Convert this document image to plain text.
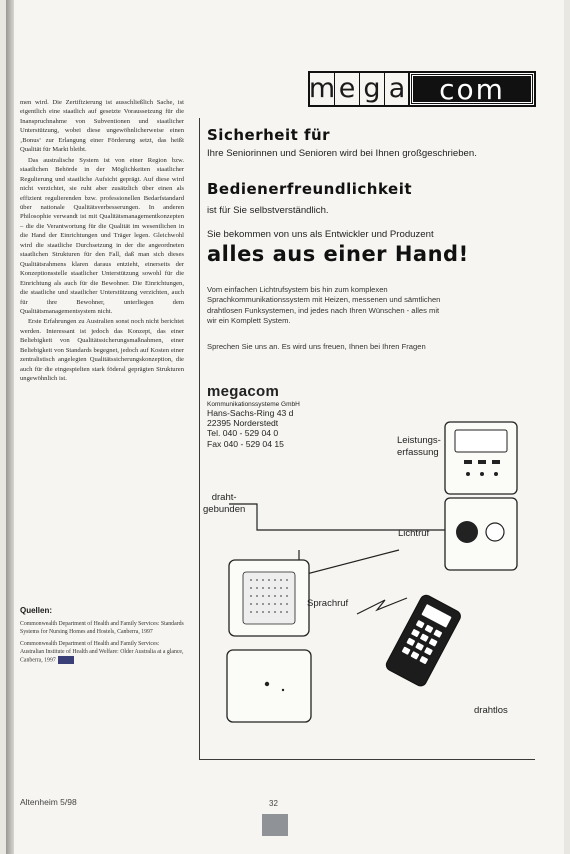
men wird. Die Zertifizierung ist ausschließlich Sache, ist eigentlich eine staatlich auf gesetzte Voraussetzung für die Inanspruchnahme von Subventionen und staatlicher Unterstützung, wobei diese ungewöhnlicherweise einen ‚Bonus‘ zur Erlangung einer Förderung setzt, das heißt Qualität für Markt bleibt.

Das australische System ist von einer Region bzw. staatlichen Behörde in der Möglichkeiten staatlicher Regulierung und staatliche Aufsicht geprägt. Auf diese wird nicht verzichtet, sie ruht aber zusätzlich über einen als effizient regulierenden bzw. professionellen Bedarfstandard über nationale Qualitätsverbesserungen. In anderen Philosophie verwandt ist mit Qualitätsmanagementkonzepten – die die Verantwortung für die Qualität im wesentlichen in die Hand der Einrichtungen und Träger legen. Gleichwohl wird die staatliche Durchsetzung in der die angeordneten staatlichen Strukturen für den Fall, daß man sich dieses Qualitätsrahmens klaren daraus entzieht, einerseits der Konzeptionsstelle staatlicher Unterstützung sowohl für die Einrichtung als auch für die Bewohner. Die Einrichtungen, die staatliche und staatlicher Unterstützung verzichten, auch für ihre Bewohner, unterliegen dem Qualitätsmanagementsystem nicht.

Erste Erfahrungen zu Australien sonst noch nicht berichtet werden. Interessant ist jedoch das Konzept, das einer Beliebigkeit von Qualitätssicherungsmaßnahmen, einer Beliebigkeit von Standards begegnet, jedoch auf Kosten einer zentralistisch angelegten Qualitätssicherungskonzeption, die auch für die eingespielten stark föderal geprägten Strukturen ungewöhnlich ist.

Quellen:

Commonwealth Department of Health and Family Services: Standards Systems for Nursing Homes and Hostels, Canberra, 1997

Commonwealth Department of Health and Family Services: Australian Institute of Health and Welfare: Older Australia at a glance, Canberra, 1997

Altenheim 5/98	32
m e g a	com
Sicherheit für
Ihre Seniorinnen und Senioren wird bei Ihnen großgeschrieben.
Bedienerfreundlichkeit
ist für Sie selbstverständlich.
Sie bekommen von uns als Entwickler und Produzent
alles aus einer Hand!
Vom einfachen Lichtrufsystem bis hin zum komplexen Sprachkommunikationssystem mit Heizen, messenen und sämtlichen drahtlosen Funksystemen, ind jedes nach Ihren Wünschen - alles mit wir ein Komplett System.
Sprechen Sie uns an. Es wird uns freuen, Ihnen bei Ihren Fragen
megacom
Kommunikationssysteme GmbH
Hans-Sachs-Ring 43 d
22395 Norderstedt
Tel. 040 - 529 04 0
Fax 040 - 529 04 15	Leistungs-
erfassung
draht-
gebunden
Lichtruf
Sprachruf
drahtlos
